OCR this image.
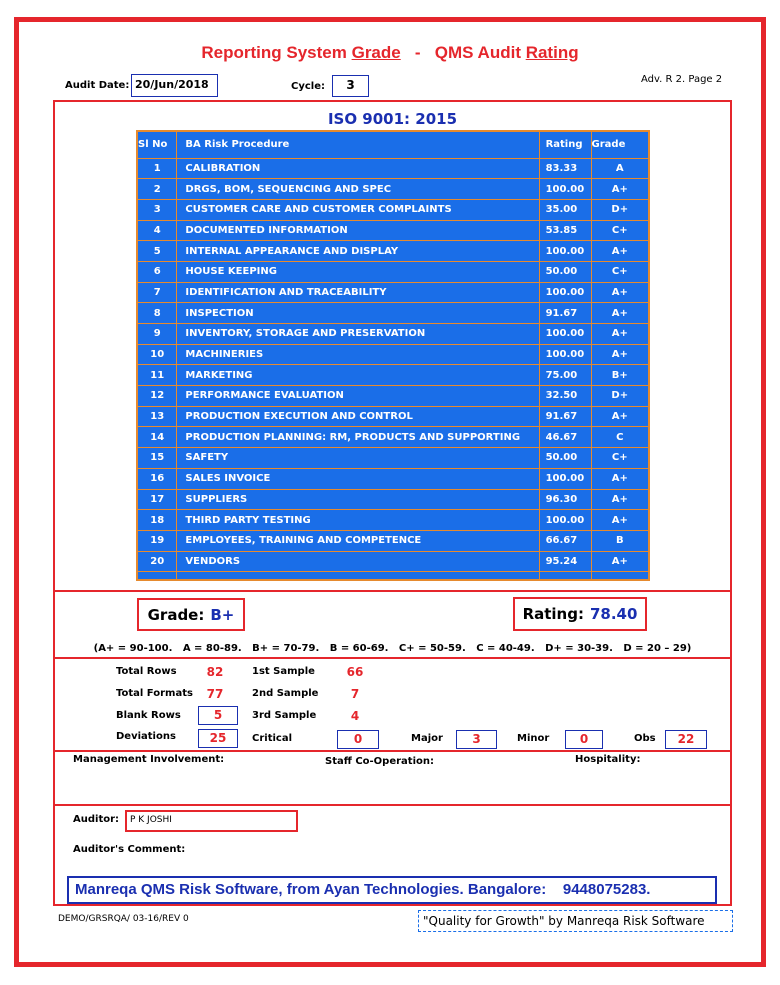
Reporting System Grade   -   QMS Audit Rating
Audit Date: 20/Jun/2018	Cycle:	3	Adv. R 2. Page 2
ISO 9001: 2015
Sl No	BA Risk Procedure	Rating	Grade
1	CALIBRATION	83.33	A
2	DRGS, BOM, SEQUENCING AND SPEC	100.00	A+
3	CUSTOMER CARE AND CUSTOMER COMPLAINTS	35.00	D+
4	DOCUMENTED INFORMATION	53.85	C+
5	INTERNAL APPEARANCE AND DISPLAY	100.00	A+
6	HOUSE KEEPING	50.00	C+
7	IDENTIFICATION AND TRACEABILITY	100.00	A+
8	INSPECTION	91.67	A+
9	INVENTORY, STORAGE AND PRESERVATION	100.00	A+
10	MACHINERIES	100.00	A+
11	MARKETING	75.00	B+
12	PERFORMANCE EVALUATION	32.50	D+
13	PRODUCTION EXECUTION AND CONTROL	91.67	A+
14	PRODUCTION PLANNING: RM, PRODUCTS AND SUPPORTING	46.67	C
15	SAFETY	50.00	C+
16	SALES INVOICE	100.00	A+
17	SUPPLIERS	96.30	A+
18	THIRD PARTY TESTING	100.00	A+
19	EMPLOYEES, TRAINING AND COMPETENCE	66.67	B
20	VENDORS	95.24	A+

Grade: B+	Rating: 78.40
(A+ = 90-100.   A = 80-89.   B+ = 70-79.   B = 60-69.   C+ = 50-59.   C = 40-49.   D+ = 30-39.   D = 20 – 29)
Total Rows	82	1st Sample	66
Total Formats	77	2nd Sample	7
Blank Rows	5	3rd Sample	4
Deviations	25	Critical	0	Major	3	Minor	0	Obs	22
Management Involvement:	Staff Co-Operation:	Hospitality:
Auditor:	P K JOSHI
Auditor's Comment:
Manreqa QMS Risk Software, from Ayan Technologies. Bangalore:    9448075283.
DEMO/GRSRQA/ 03-16/REV 0	"Quality for Growth" by Manreqa Risk Software
